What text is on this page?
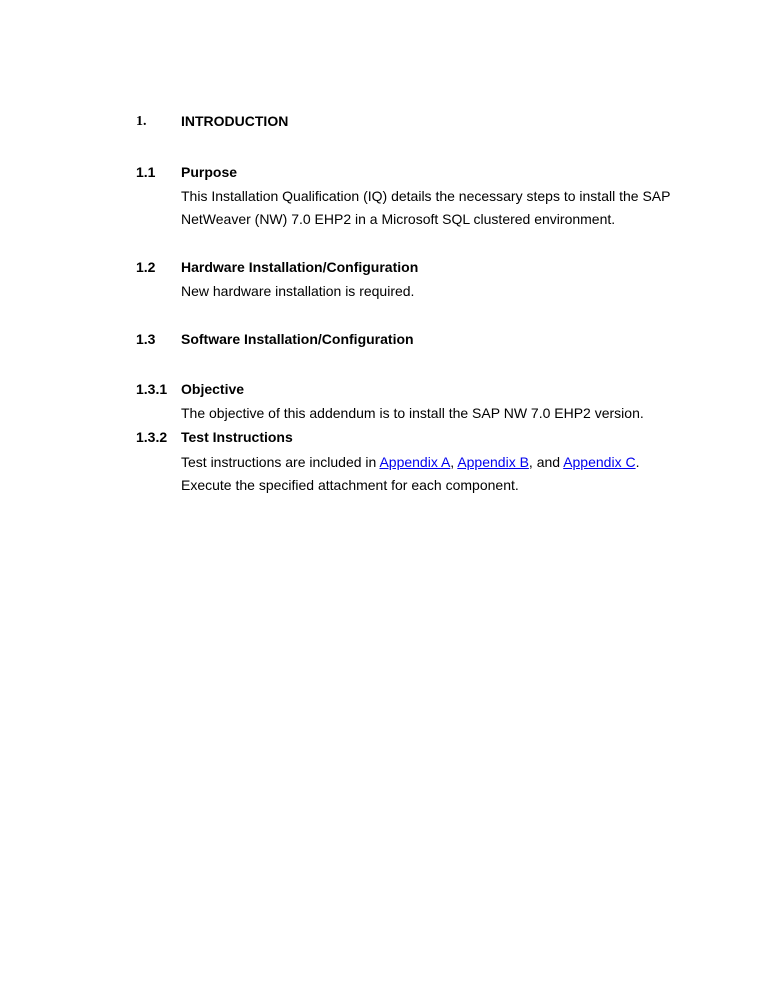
1. INTRODUCTION
1.1 Purpose
This Installation Qualification (IQ) details the necessary steps to install the SAP
NetWeaver (NW) 7.0 EHP2 in a Microsoft SQL clustered environment.
1.2 Hardware Installation/Configuration
New hardware installation is required.
1.3 Software Installation/Configuration
1.3.1 Objective
The objective of this addendum is to install the SAP NW 7.0 EHP2 version.
1.3.2 Test Instructions
Test instructions are included in Appendix A, Appendix B, and Appendix C.
Execute the specified attachment for each component.
